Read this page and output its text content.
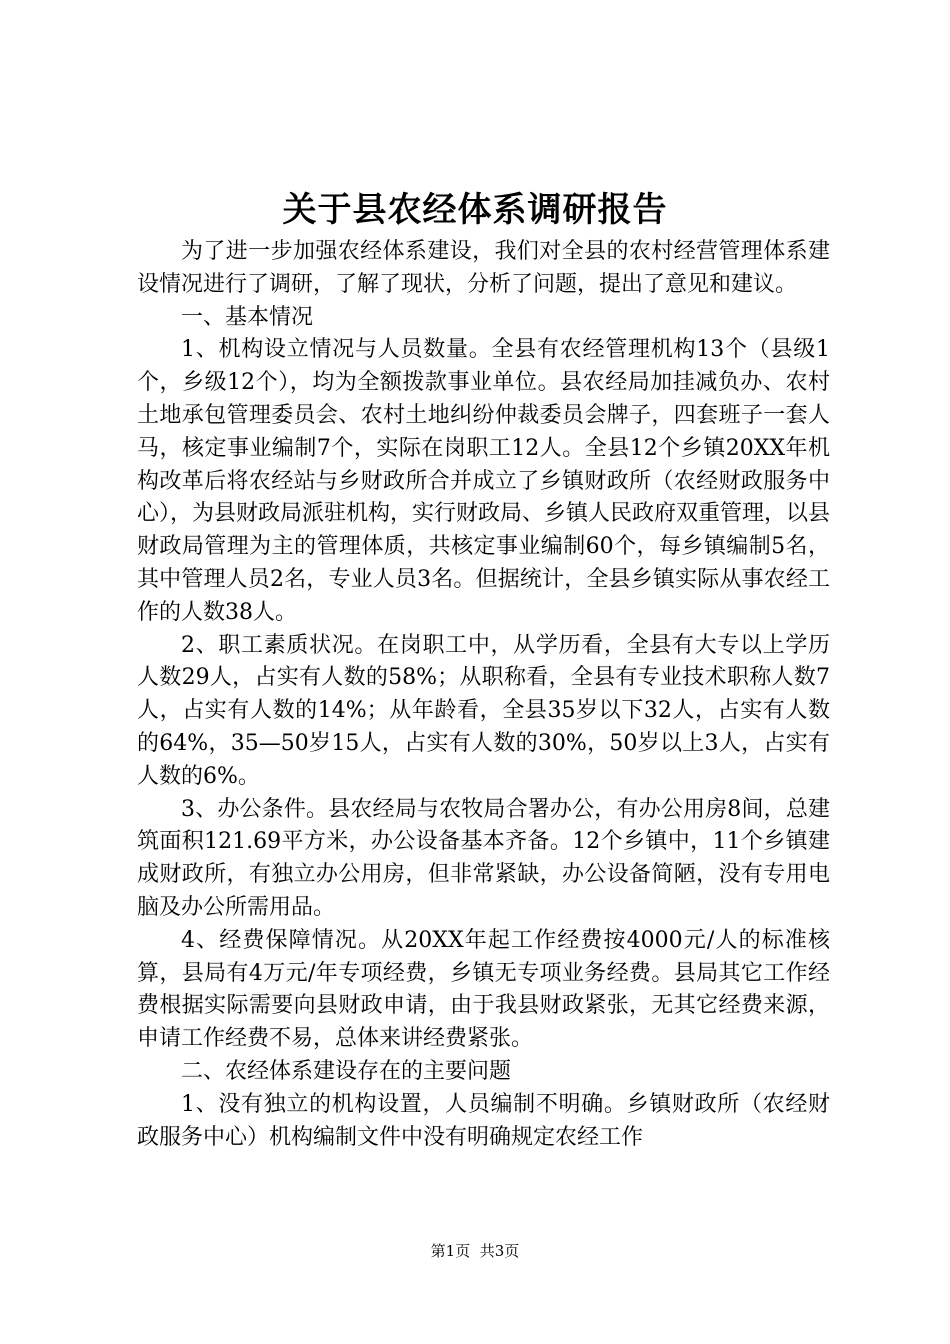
关于县农经体系调研报告

为了进一步加强农经体系建设，我们对全县的农村经营管理体系建设情况进行了调研，了解了现状，分析了问题，提出了意见和建议。

一、基本情况

1、机构设立情况与人员数量。全县有农经管理机构13个（县级1个，乡级12个），均为全额拨款事业单位。县农经局加挂减负办、农村土地承包管理委员会、农村土地纠纷仲裁委员会牌子，四套班子一套人马，核定事业编制7个，实际在岗职工12人。全县12个乡镇20XX年机构改革后将农经站与乡财政所合并成立了乡镇财政所（农经财政服务中心），为县财政局派驻机构，实行财政局、乡镇人民政府双重管理，以县财政局管理为主的管理体质，共核定事业编制60个，每乡镇编制5名，其中管理人员2名，专业人员3名。但据统计，全县乡镇实际从事农经工作的人数38人。

2、职工素质状况。在岗职工中，从学历看，全县有大专以上学历人数29人，占实有人数的58%；从职称看，全县有专业技术职称人数7人，占实有人数的14%；从年龄看，全县35岁以下32人，占实有人数的64%，35—50岁15人，占实有人数的30%，50岁以上3人，占实有人数的6%。

3、办公条件。县农经局与农牧局合署办公，有办公用房8间，总建筑面积121.69平方米，办公设备基本齐备。12个乡镇中，11个乡镇建成财政所，有独立办公用房，但非常紧缺，办公设备简陋，没有专用电脑及办公所需用品。

4、经费保障情况。从20XX年起工作经费按4000元/人的标准核算，县局有4万元/年专项经费，乡镇无专项业务经费。县局其它工作经费根据实际需要向县财政申请，由于我县财政紧张，无其它经费来源，申请工作经费不易，总体来讲经费紧张。

二、农经体系建设存在的主要问题

1、没有独立的机构设置，人员编制不明确。乡镇财政所（农经财政服务中心）机构编制文件中没有明确规定农经工作

第1页 共3页
